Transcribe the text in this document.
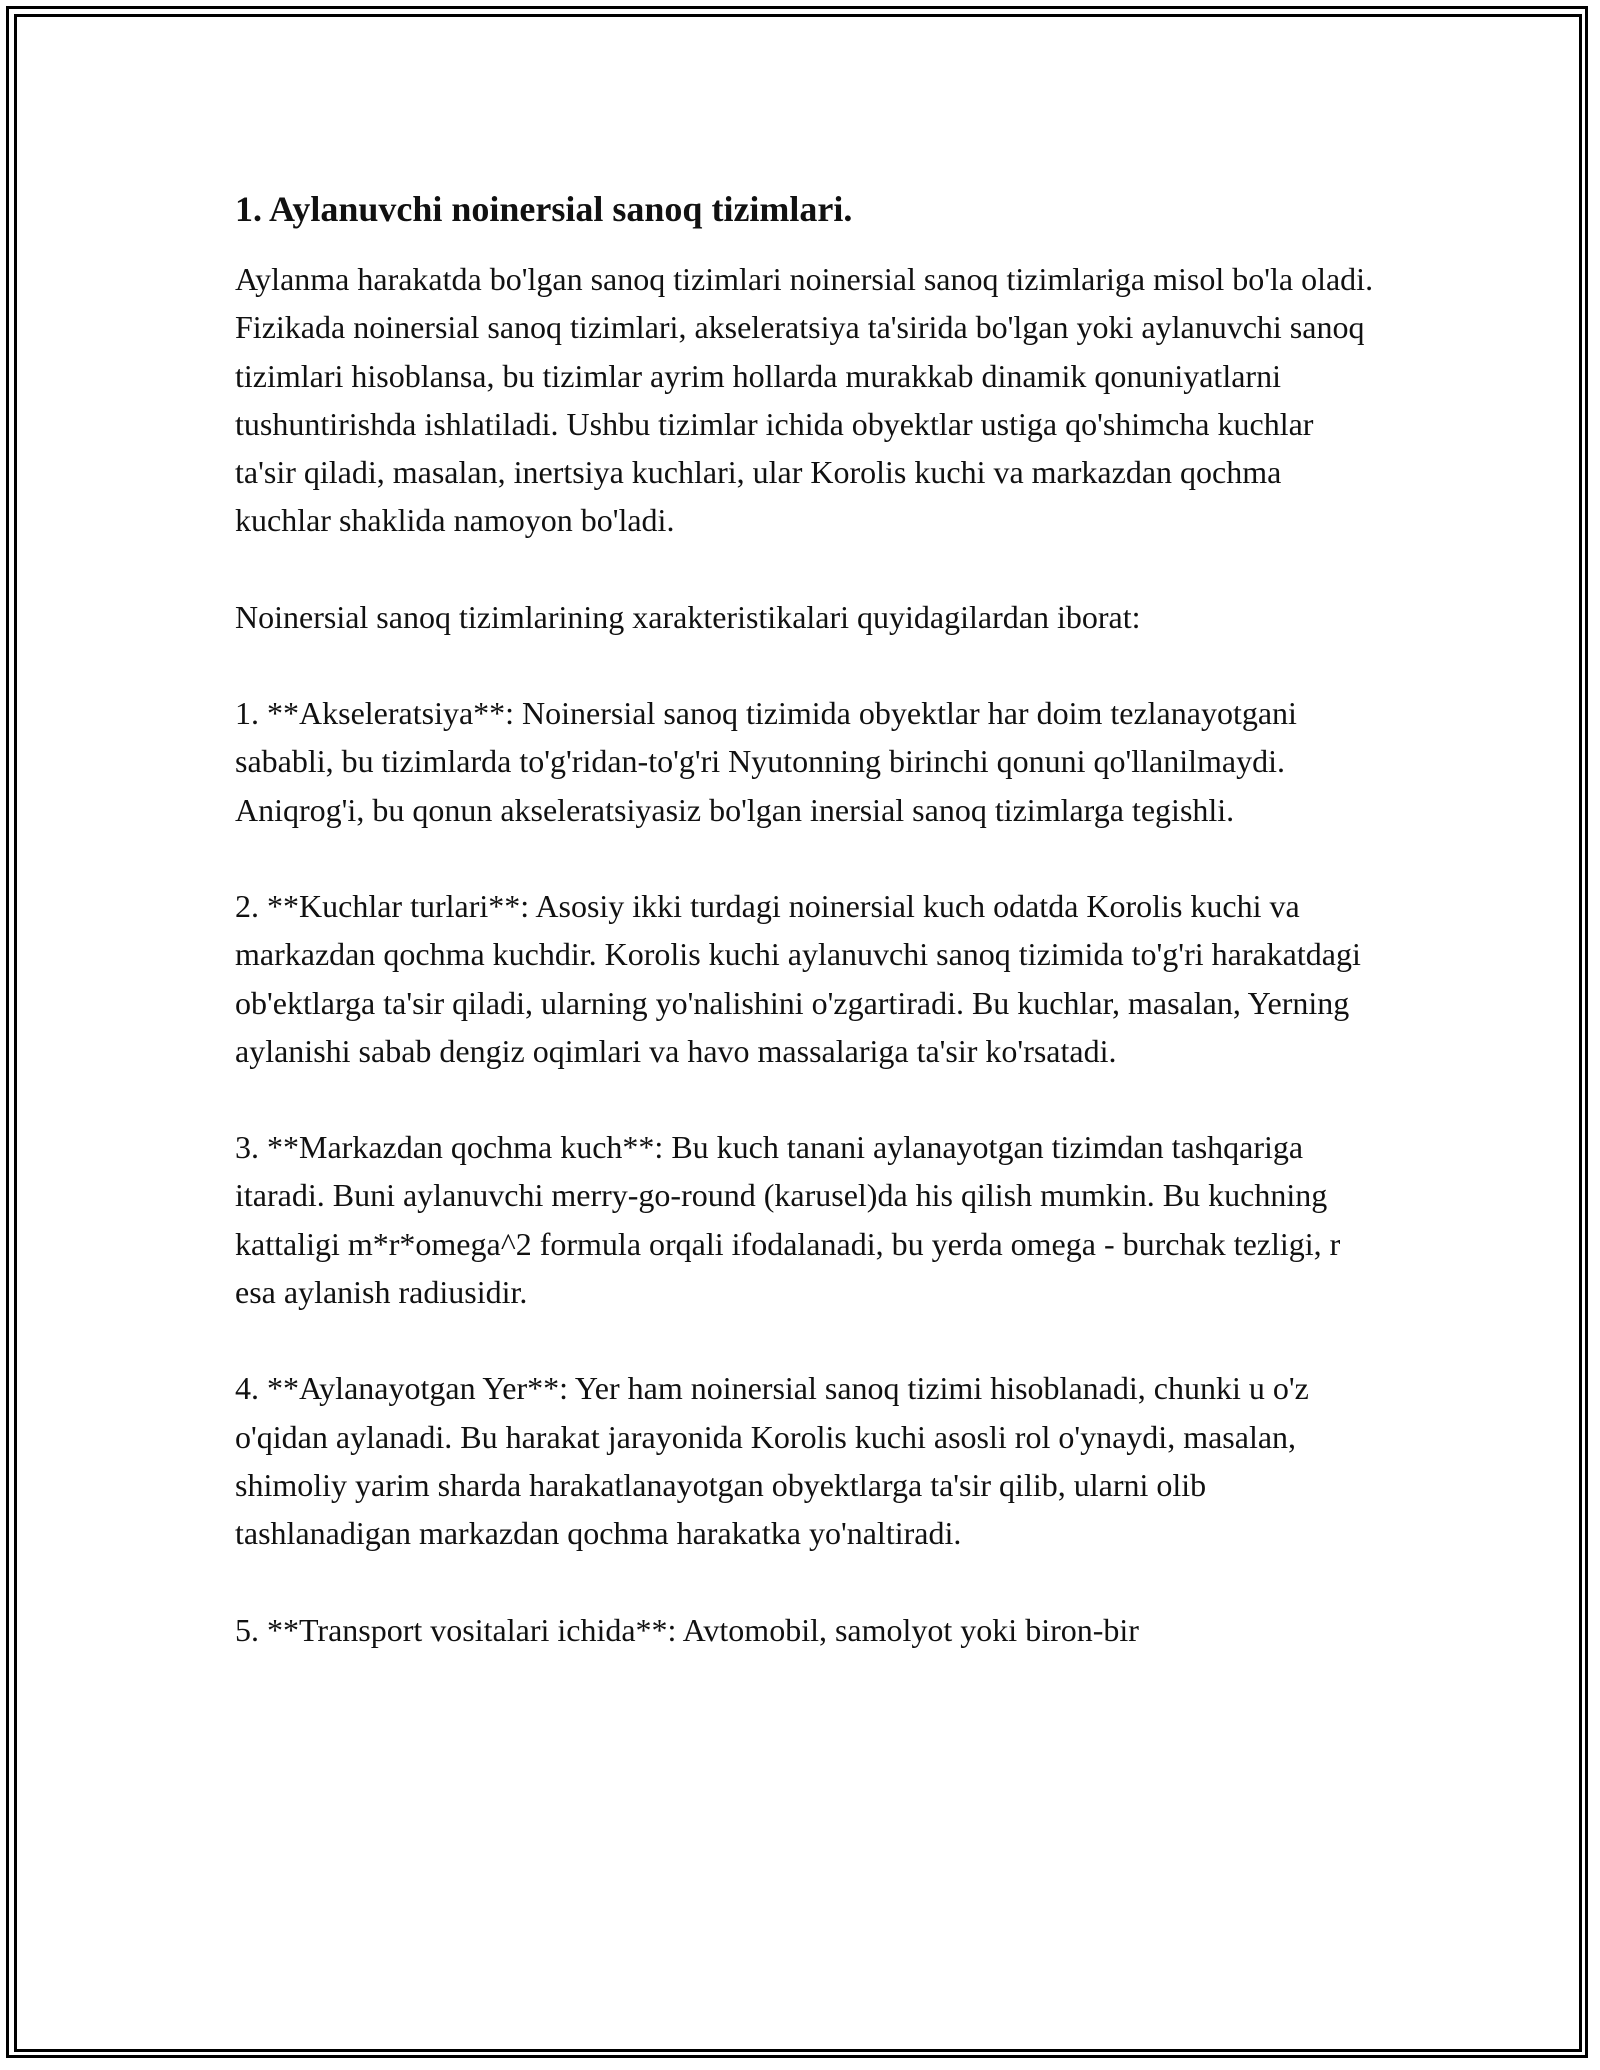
1. Aylanuvchi noinersial sanoq tizimlari.

Aylanma harakatda bo'lgan sanoq tizimlari noinersial sanoq tizimlariga misol bo'la oladi. Fizikada noinersial sanoq tizimlari, akseleratsiya ta'sirida bo'lgan yoki aylanuvchi sanoq tizimlari hisoblansa, bu tizimlar ayrim hollarda murakkab dinamik qonuniyatlarni tushuntirishda ishlatiladi. Ushbu tizimlar ichida obyektlar ustiga qo'shimcha kuchlar ta'sir qiladi, masalan, inertsiya kuchlari, ular Korolis kuchi va markazdan qochma kuchlar shaklida namoyon bo'ladi.

Noinersial sanoq tizimlarining xarakteristikalari quyidagilardan iborat:

1. **Akseleratsiya**: Noinersial sanoq tizimida obyektlar har doim tezlanayotgani sababli, bu tizimlarda to'g'ridan-to'g'ri Nyutonning birinchi qonuni qo'llanilmaydi. Aniqrog'i, bu qonun akseleratsiyasiz bo'lgan inersial sanoq tizimlarga tegishli.

2. **Kuchlar turlari**: Asosiy ikki turdagi noinersial kuch odatda Korolis kuchi va markazdan qochma kuchdir. Korolis kuchi aylanuvchi sanoq tizimida to'g'ri harakatdagi ob'ektlarga ta'sir qiladi, ularning yo'nalishini o'zgartiradi. Bu kuchlar, masalan, Yerning aylanishi sabab dengiz oqimlari va havo massalariga ta'sir ko'rsatadi.

3. **Markazdan qochma kuch**: Bu kuch tanani aylanayotgan tizimdan tashqariga itaradi. Buni aylanuvchi merry-go-round (karusel)da his qilish mumkin. Bu kuchning kattaligi m*r*omega^2 formula orqali ifodalanadi, bu yerda omega - burchak tezligi, r esa aylanish radiusidir.

4. **Aylanayotgan Yer**: Yer ham noinersial sanoq tizimi hisoblanadi, chunki u o'z o'qidan aylanadi. Bu harakat jarayonida Korolis kuchi asosli rol o'ynaydi, masalan, shimoliy yarim sharda harakatlanayotgan obyektlarga ta'sir qilib, ularni olib tashlanadigan markazdan qochma harakatka yo'naltiradi.

5. **Transport vositalari ichida**: Avtomobil, samolyot yoki biron-bir
